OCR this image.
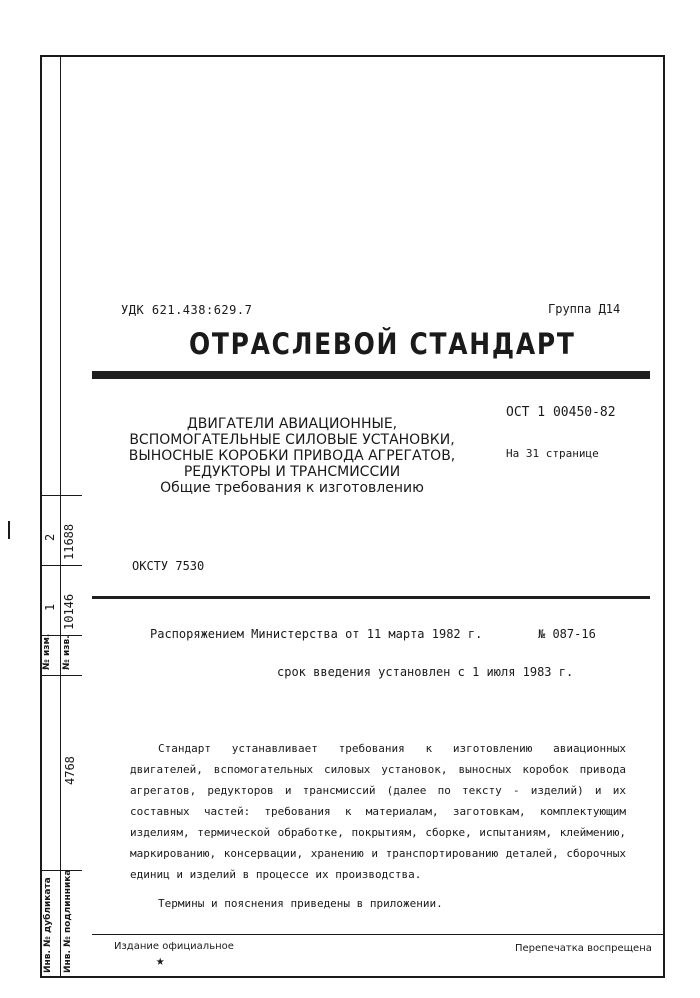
№ изм. № изв.
1
2
10146
11688
4768
Инв. № дубликата Инв. № подлинника
УДК 621.438:629.7	Группа Д14
ОТРАСЛЕВОЙ СТАНДАРТ
ДВИГАТЕЛИ АВИАЦИОННЫЕ,
ВСПОМОГАТЕЛЬНЫЕ СИЛОВЫЕ УСТАНОВКИ,
ВЫНОСНЫЕ КОРОБКИ ПРИВОДА АГРЕГАТОВ,
РЕДУКТОРЫ И ТРАНСМИССИИ
Общие требования к изготовлению
ОСТ 1 00450-82
На 31 странице
ОКСТУ 7530
Распоряжением Министерства от 11 марта 1982 г.	№ 087-16
срок введения установлен с 1 июля 1983 г.

Стандарт устанавливает требования к изготовлению авиационных двигателей, вспомогательных силовых установок, выносных коробок привода агрегатов, редукторов и трансмиссий (далее по тексту - изделий) и их составных частей: требования к материалам, заготовкам, комплектующим изделиям, термической обработке, покрытиям, сборке, испытаниям, клеймению, маркированию, консервации, хранению и транспортированию деталей, сборочных единиц и изделий в процессе их производства.

Термины и пояснения приведены в приложении.

Издание официальное
★
Перепечатка воспрещена
